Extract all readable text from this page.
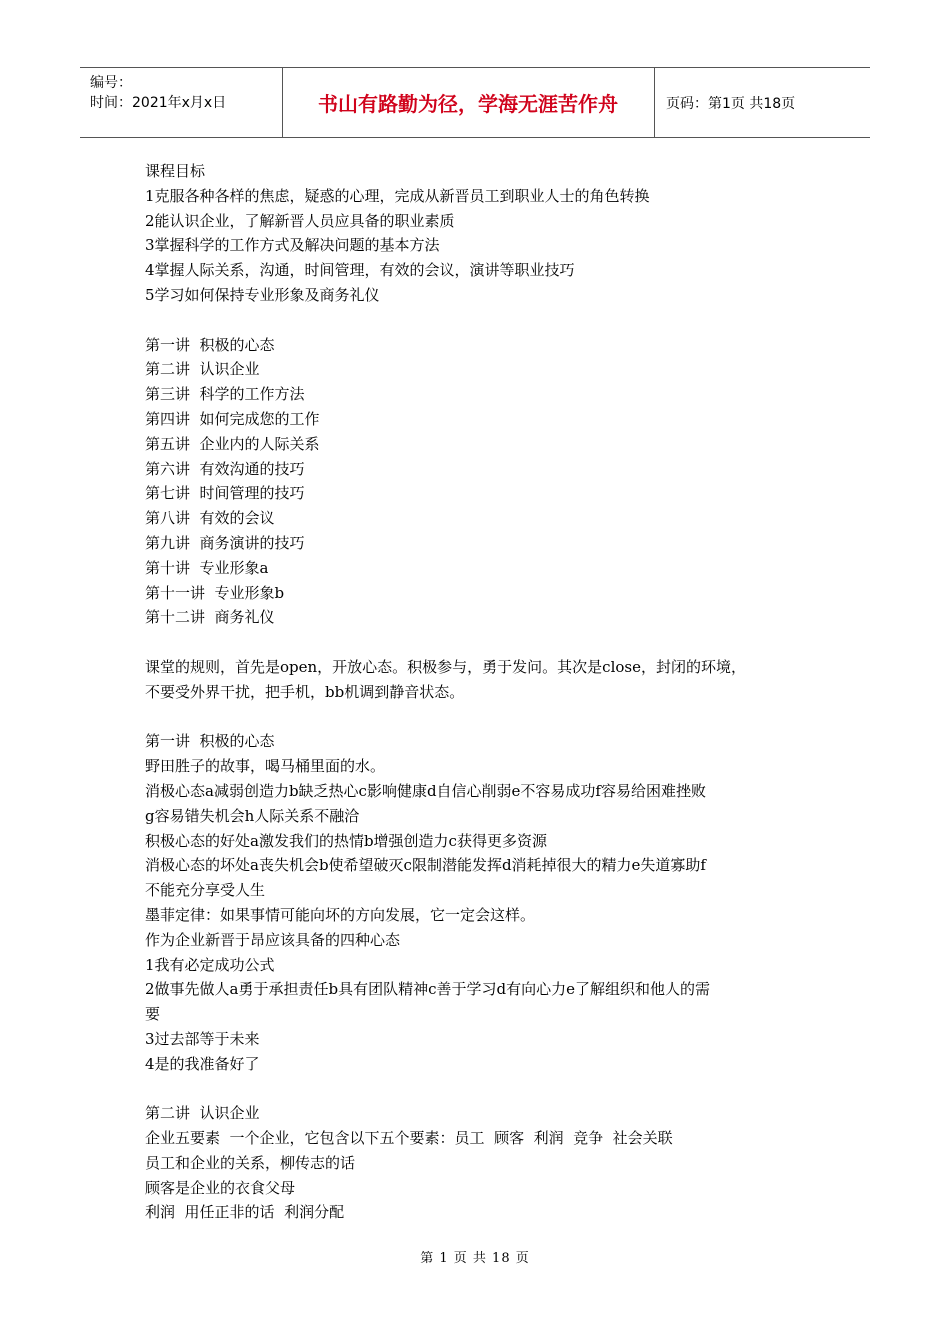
编号：
时间：2021年x月x日	书山有路勤为径，学海无涯苦作舟	页码：第1页 共18页
课程目标
1克服各种各样的焦虑，疑惑的心理，完成从新晋员工到职业人士的角色转换
2能认识企业，了解新晋人员应具备的职业素质
3掌握科学的工作方式及解决问题的基本方法
4掌握人际关系，沟通，时间管理，有效的会议，演讲等职业技巧
5学习如何保持专业形象及商务礼仪
第一讲  积极的心态
第二讲  认识企业
第三讲  科学的工作方法
第四讲  如何完成您的工作
第五讲  企业内的人际关系
第六讲  有效沟通的技巧
第七讲  时间管理的技巧
第八讲  有效的会议
第九讲  商务演讲的技巧
第十讲  专业形象a
第十一讲  专业形象b
第十二讲  商务礼仪
课堂的规则，首先是open，开放心态。积极参与，勇于发问。其次是close，封闭的环境，
不要受外界干扰，把手机，bb机调到静音状态。
第一讲  积极的心态
野田胜子的故事，喝马桶里面的水。
消极心态a减弱创造力b缺乏热心c影响健康d自信心削弱e不容易成功f容易给困难挫败
g容易错失机会h人际关系不融洽
积极心态的好处a激发我们的热情b增强创造力c获得更多资源
消极心态的坏处a丧失机会b使希望破灭c限制潜能发挥d消耗掉很大的精力e失道寡助f
不能充分享受人生
墨菲定律：如果事情可能向坏的方向发展，它一定会这样。
作为企业新晋于昂应该具备的四种心态
1我有必定成功公式
2做事先做人a勇于承担责任b具有团队精神c善于学习d有向心力e了解组织和他人的需
要
3过去部等于未来
4是的我准备好了
第二讲  认识企业
企业五要素  一个企业，它包含以下五个要素：员工  顾客  利润  竞争  社会关联
员工和企业的关系，柳传志的话
顾客是企业的衣食父母
利润  用任正非的话  利润分配
第 1 页 共 18 页
